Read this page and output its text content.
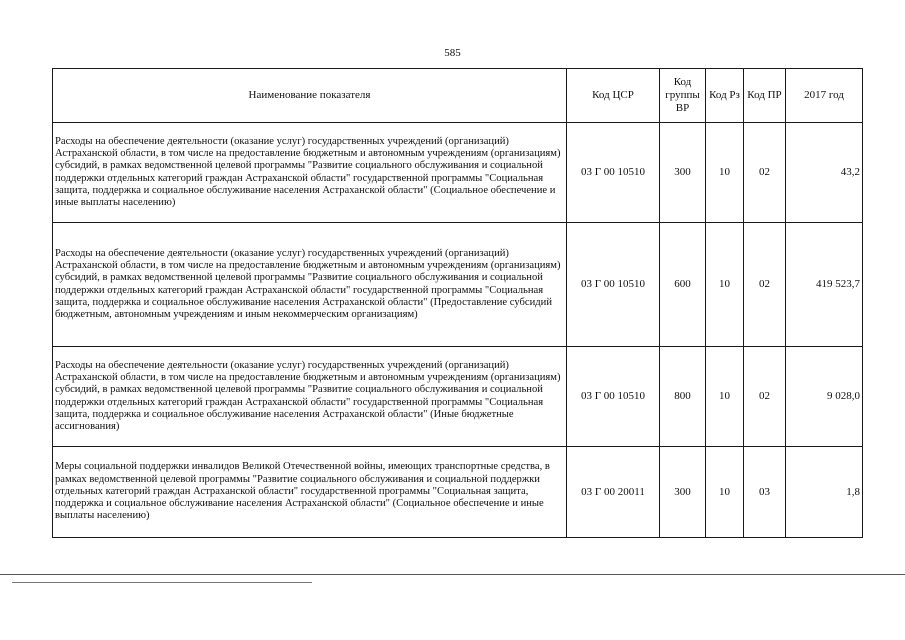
585
Наименование показателя	Код ЦСР	Код группы ВР	Код Рз	Код ПР	2017 год
Расходы на обеспечение деятельности (оказание услуг) государственных учреждений (организаций) Астраханской области, в том числе на предоставление бюджетным и автономным учреждениям (организациям) субсидий, в рамках ведомственной целевой программы "Развитие социального обслуживания и социальной поддержки отдельных категорий граждан Астраханской области" государственной программы "Социальная защита, поддержка и социальное обслуживание населения Астраханской области" (Социальное обеспечение и иные выплаты населению)	03 Г 00 10510	300	10	02	43,2
Расходы на обеспечение деятельности (оказание услуг) государственных учреждений (организаций) Астраханской области, в том числе на предоставление бюджетным и автономным учреждениям (организациям) субсидий, в рамках ведомственной целевой программы "Развитие социального обслуживания и социальной поддержки отдельных категорий граждан Астраханской области" государственной программы "Социальная защита, поддержка и социальное обслуживание населения Астраханской области" (Предоставление субсидий бюджетным, автономным учреждениям и иным некоммерческим организациям)	03 Г 00 10510	600	10	02	419 523,7
Расходы на обеспечение деятельности (оказание услуг) государственных учреждений (организаций) Астраханской области, в том числе на предоставление бюджетным и автономным учреждениям (организациям) субсидий, в рамках ведомственной целевой программы "Развитие социального обслуживания и социальной поддержки отдельных категорий граждан Астраханской области" государственной программы "Социальная защита, поддержка и социальное обслуживание населения Астраханской области" (Иные бюджетные ассигнования)	03 Г 00 10510	800	10	02	9 028,0
Меры социальной поддержки инвалидов Великой Отечественной войны, имеющих транспортные средства, в рамках ведомственной целевой программы "Развитие социального обслуживания и социальной поддержки отдельных категорий граждан Астраханской области" государственной программы "Социальная защита, поддержка и социальное обслуживание населения Астраханской области" (Социальное обеспечение и иные выплаты населению)	03 Г 00 20011	300	10	03	1,8
